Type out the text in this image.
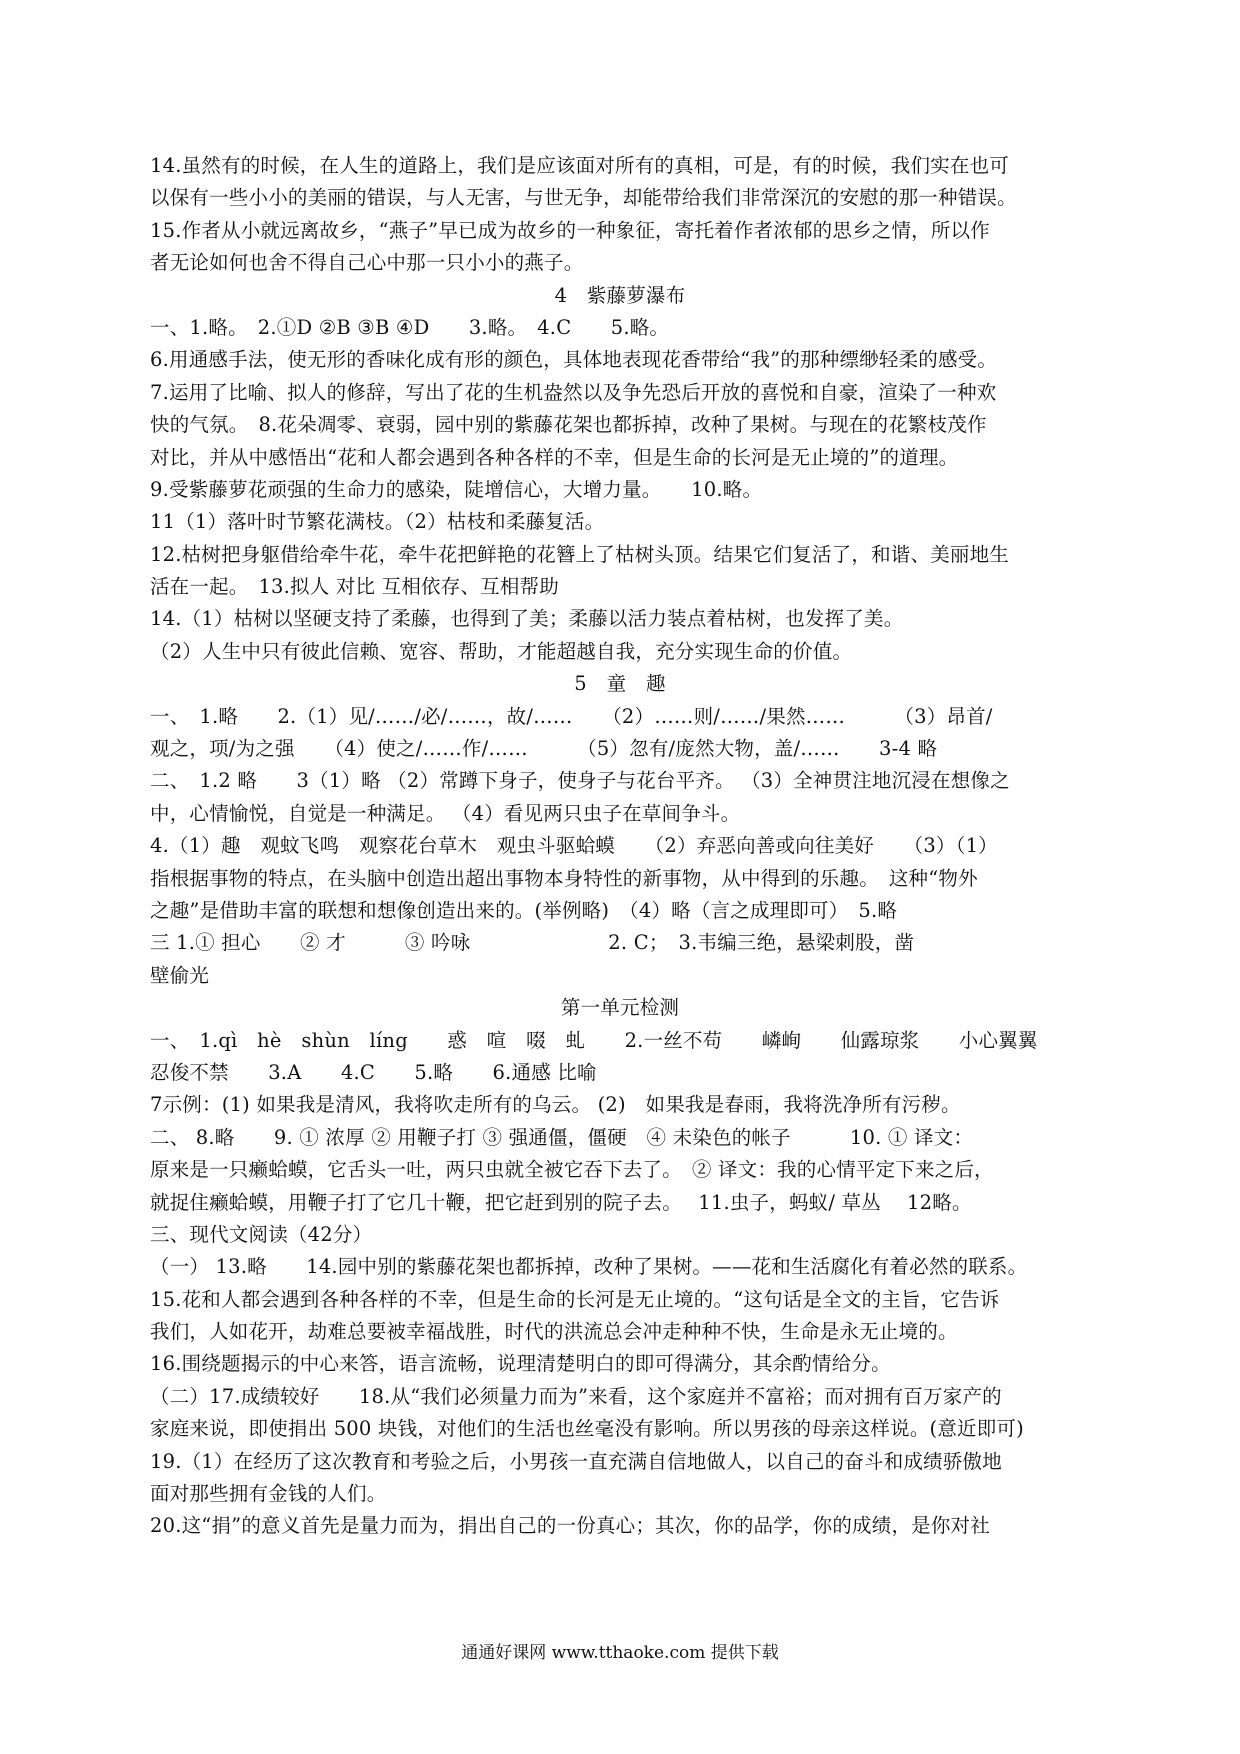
14.虽然有的时候，在人生的道路上，我们是应该面对所有的真相，可是，有的时候，我们实在也可
以保有一些小小的美丽的错误，与人无害，与世无争，却能带给我们非常深沉的安慰的那一种错误。
15.作者从小就远离故乡，“燕子”早已成为故乡的一种象征，寄托着作者浓郁的思乡之情，所以作
者无论如何也舍不得自己心中那一只小小的燕子。
4　紫藤萝瀑布
一、1.略。　2.①D ②B ③B ④D　　3.略。　4.C　　5.略。
6.用通感手法，使无形的香味化成有形的颜色，具体地表现花香带给“我”的那种缥缈轻柔的感受。
7.运用了比喻、拟人的修辞，写出了花的生机盎然以及争先恐后开放的喜悦和自豪，渲染了一种欢
快的气氛。　8.花朵凋零、衰弱，园中别的紫藤花架也都拆掉，改种了果树。与现在的花繁枝茂作
对比，并从中感悟出“花和人都会遇到各种各样的不幸，但是生命的长河是无止境的”的道理。
9.受紫藤萝花顽强的生命力的感染，陡增信心，大增力量。　　10.略。
11（1）落叶时节繁花满枝。（2）枯枝和柔藤复活。
12.枯树把身躯借给牵牛花，牵牛花把鲜艳的花簪上了枯树头顶。结果它们复活了，和谐、美丽地生
活在一起。　13.拟人 对比 互相依存、互相帮助
14.（1）枯树以坚硬支持了柔藤，也得到了美；柔藤以活力装点着枯树，也发挥了美。
（2）人生中只有彼此信赖、宽容、帮助，才能超越自我，充分实现生命的价值。
5　童　趣
一、　1.略　　2.（1）见/……/必/……，故/……　　（2）……则/……/果然……　　　（3）昂首/
观之，项/为之强　　（4）使之/……作/……　　　（5）忽有/庞然大物，盖/……　　3-4 略
二、　1.2 略　　3（1）略 （2）常蹲下身子，使身子与花台平齐。 （3）全神贯注地沉浸在想像之
中，心情愉悦，自觉是一种满足。 （4）看见两只虫子在草间争斗。
4.（1）趣　观蚊飞鸣　观察花台草木　观虫斗驱蛤蟆　　（2）弃恶向善或向往美好　　（3）（1）
指根据事物的特点，在头脑中创造出超出事物本身特性的新事物，从中得到的乐趣。　这种“物外
之趣”是借助丰富的联想和想像创造出来的。(举例略)　（4）略（言之成理即可）　5.略
三 1.① 担心　　② 才　　　③ 吟咏　　　　　　　2. C；　3.韦编三绝，悬梁刺股，凿
壁偷光
第一单元检测
一、　1.qì　hè　shùn　líng　　惑　喧　啜　虬　　2.一丝不苟　　嶙峋　　仙露琼浆　　小心翼翼
忍俊不禁　　3.A　　4.C　　5.略　　6.通感 比喻
7示例：(1) 如果我是清风，我将吹走所有的乌云。 (2)　如果我是春雨，我将洗净所有污秽。
二、 8.略　　9. ① 浓厚 ② 用鞭子打 ③ 强通僵，僵硬　④ 未染色的帐子　　　10. ① 译文：
原来是一只癞蛤蟆，它舌头一吐，两只虫就全被它吞下去了。　② 译文：我的心情平定下来之后，
就捉住癞蛤蟆，用鞭子打了它几十鞭，把它赶到别的院子去。　 11.虫子，蚂蚁/ 草丛　 12略。
三、现代文阅读（42分）
（一） 13.略　　14.园中别的紫藤花架也都拆掉，改种了果树。——花和生活腐化有着必然的联系。
15.花和人都会遇到各种各样的不幸，但是生命的长河是无止境的。“这句话是全文的主旨，它告诉
我们，人如花开，劫难总要被幸福战胜，时代的洪流总会冲走种种不快，生命是永无止境的。
16.围绕题揭示的中心来答，语言流畅，说理清楚明白的即可得满分，其余酌情给分。
（二）17.成绩较好　　18.从“我们必须量力而为”来看，这个家庭并不富裕；而对拥有百万家产的
家庭来说，即使捐出 500 块钱，对他们的生活也丝毫没有影响。所以男孩的母亲这样说。(意近即可)
19.（1）在经历了这次教育和考验之后，小男孩一直充满自信地做人，以自己的奋斗和成绩骄傲地
面对那些拥有金钱的人们。
20.这“捐”的意义首先是量力而为，捐出自己的一份真心；其次，你的品学，你的成绩，是你对社
通通好课网 www.tthaoke.com 提供下载
